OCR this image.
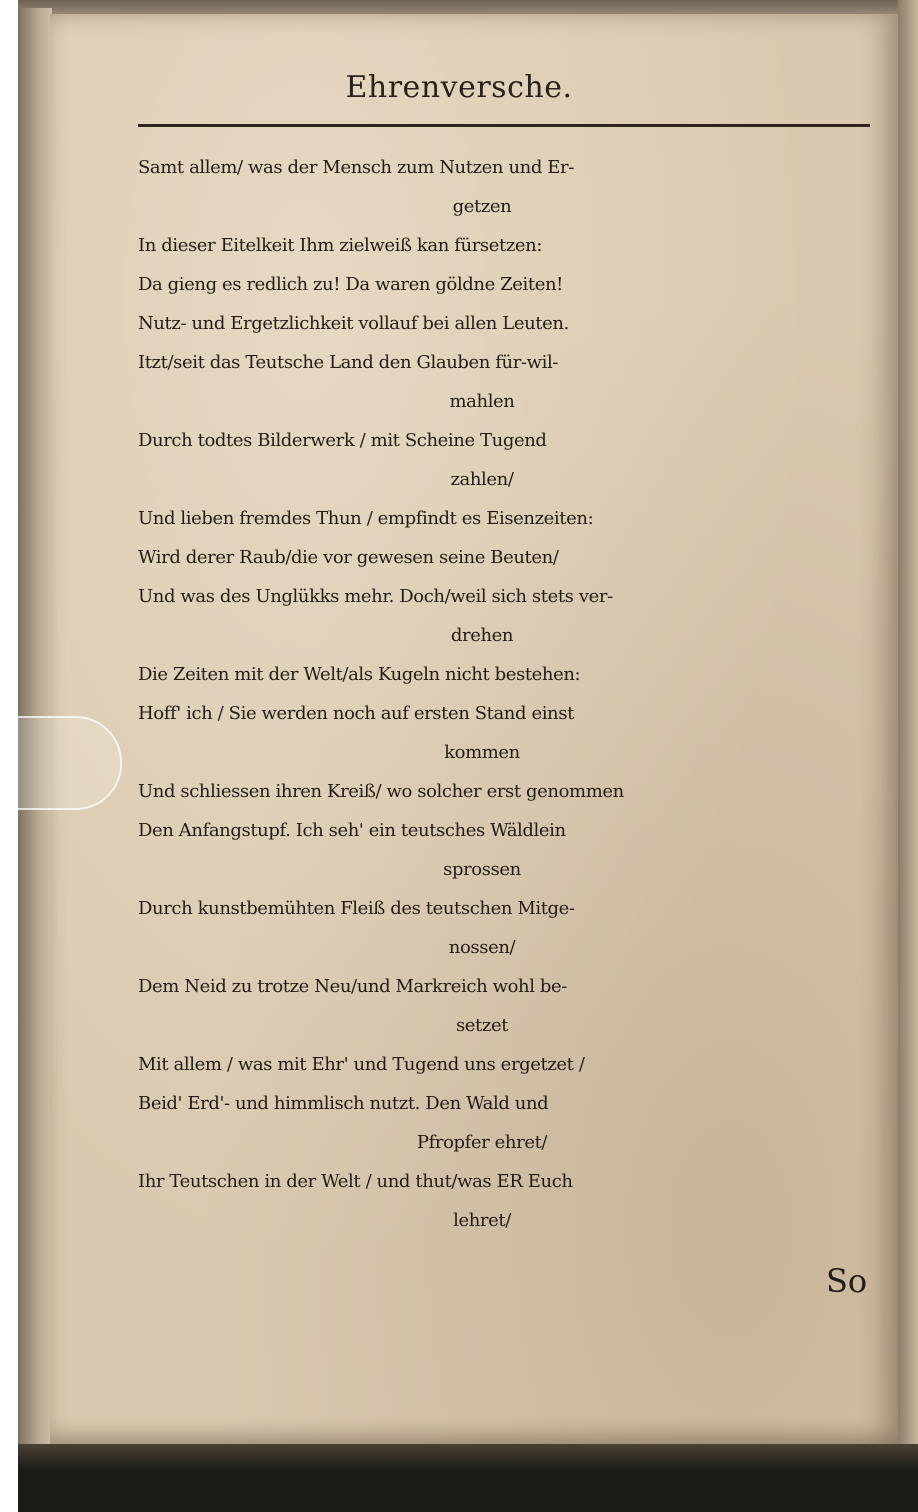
Ehrenversche.
Samt allem/ was der Mensch zum Nutzen und Er-
getzen
In dieser Eitelkeit Ihm zielweiß kan fürsetzen:
Da gieng es redlich zu! Da waren göldne Zeiten!
Nutz- und Ergetzlichkeit vollauf bei allen Leuten.
Itzt/seit das Teutsche Land den Glauben für-wil-
mahlen
Durch todtes Bilderwerk / mit Scheine Tugend
zahlen/
Und lieben fremdes Thun / empfindt es Eisenzeiten:
Wird derer Raub/die vor gewesen seine Beuten/
Und was des Unglükks mehr. Doch/weil sich stets ver-
drehen
Die Zeiten mit der Welt/als Kugeln nicht bestehen:
Hoff' ich / Sie werden noch auf ersten Stand einst
kommen
Und schliessen ihren Kreiß/ wo solcher erst genommen
Den Anfangstupf. Ich seh' ein teutsches Wäldlein
sprossen
Durch kunstbemühten Fleiß des teutschen Mitge-
nossen/
Dem Neid zu trotze Neu/und Markreich wohl be-
setzet
Mit allem / was mit Ehr' und Tugend uns ergetzet /
Beid' Erd'- und himmlisch nutzt. Den Wald und
Pfropfer ehret/
Ihr Teutschen in der Welt / und thut/was ER Euch
lehret/
So
